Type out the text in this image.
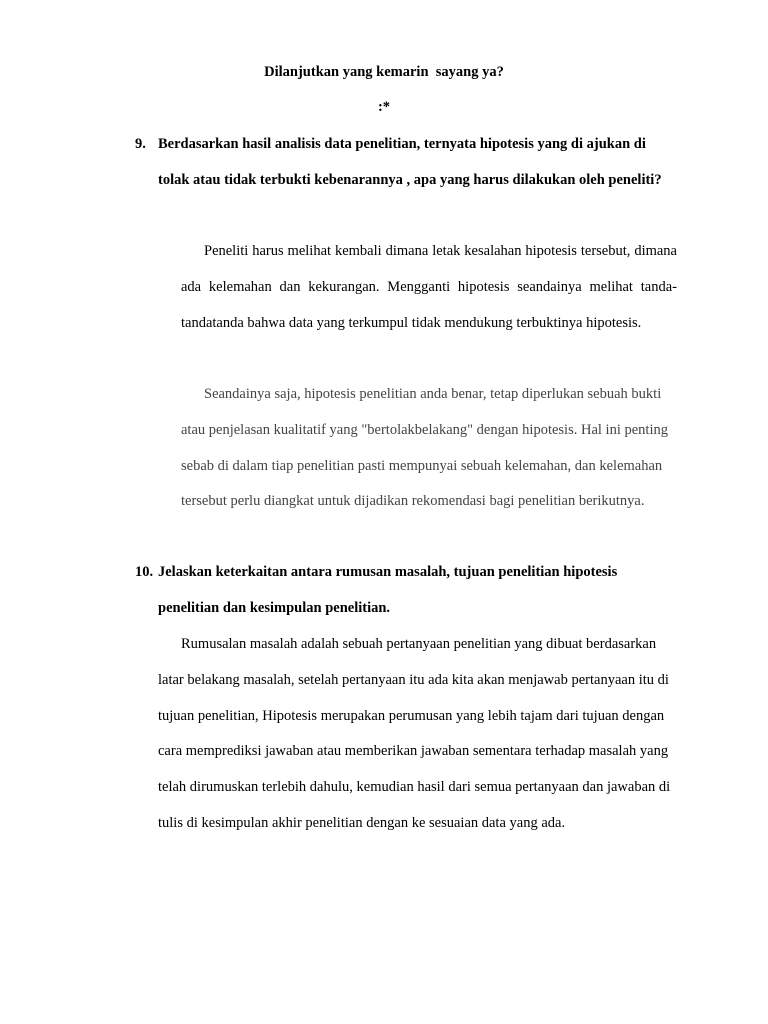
Dilanjutkan yang kemarin  sayang ya?
:*
9. Berdasarkan hasil analisis data penelitian, ternyata hipotesis yang di ajukan di tolak atau tidak terbukti kebenarannya , apa yang harus dilakukan oleh peneliti?

Peneliti harus melihat kembali dimana letak kesalahan hipotesis tersebut, dimana ada kelemahan dan kekurangan. Mengganti hipotesis seandainya melihat tanda-tandatanda bahwa data yang terkumpul tidak mendukung terbuktinya hipotesis.

Seandainya saja, hipotesis penelitian anda benar, tetap diperlukan sebuah bukti atau penjelasan kualitatif yang "bertolakbelakang" dengan hipotesis. Hal ini penting sebab di dalam tiap penelitian pasti mempunyai sebuah kelemahan, dan kelemahan tersebut perlu diangkat untuk dijadikan rekomendasi bagi penelitian berikutnya.

10. Jelaskan keterkaitan antara rumusan masalah, tujuan penelitian hipotesis penelitian dan kesimpulan penelitian.

Rumusalan masalah adalah sebuah pertanyaan penelitian yang dibuat berdasarkan latar belakang masalah, setelah pertanyaan itu ada kita akan menjawab pertanyaan itu di tujuan penelitian, Hipotesis merupakan perumusan yang lebih tajam dari tujuan dengan cara memprediksi jawaban atau memberikan jawaban sementara terhadap masalah yang telah dirumuskan terlebih dahulu, kemudian hasil dari semua pertanyaan dan jawaban di tulis di kesimpulan akhir penelitian dengan ke sesuaian data yang ada.
